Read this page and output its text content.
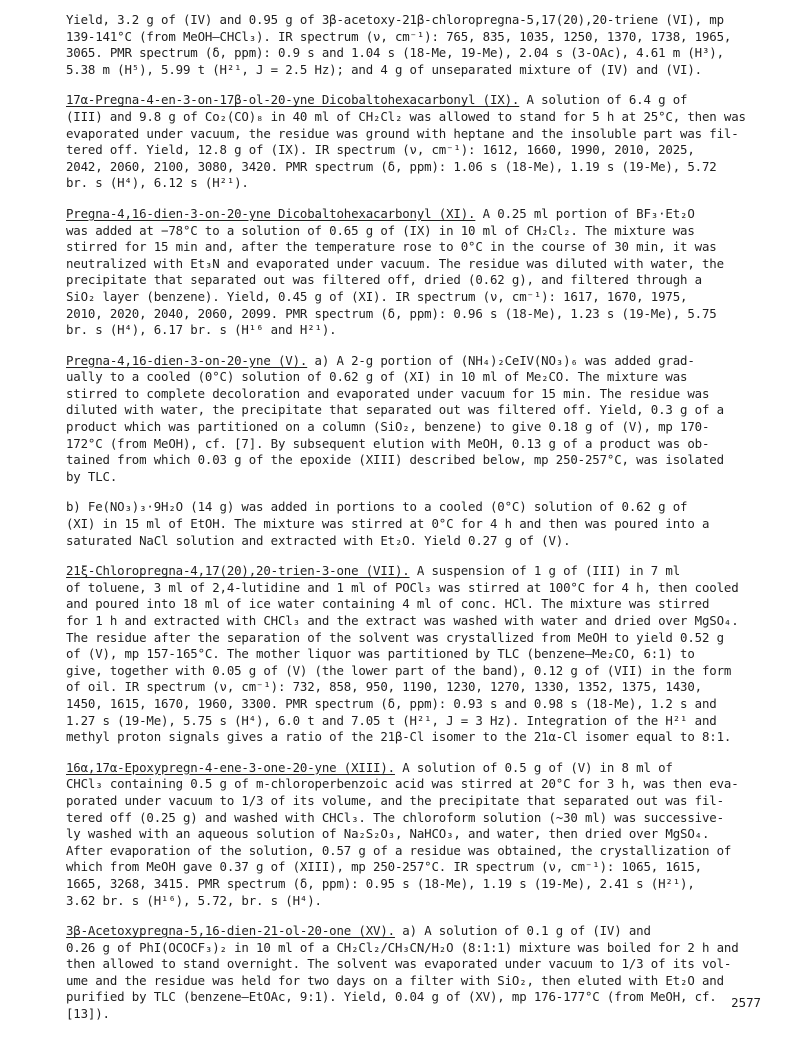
Yield, 3.2 g of (IV) and 0.95 g of 3β-acetoxy-21β-chloropregna-5,17(20),20-triene (VI), mp
139-141°C (from MeOH—CHCl₃). IR spectrum (ν, cm⁻¹): 765, 835, 1035, 1250, 1370, 1738, 1965,
3065. PMR spectrum (δ, ppm): 0.9 s and 1.04 s (18-Me, 19-Me), 2.04 s (3-OAc), 4.61 m (H³),
5.38 m (H⁵), 5.99 t (H²¹, J = 2.5 Hz); and 4 g of unseparated mixture of (IV) and (VI).

17α-Pregna-4-en-3-on-17β-ol-20-yne Dicobaltohexacarbonyl (IX). A solution of 6.4 g of
(III) and 9.8 g of Co₂(CO)₈ in 40 ml of CH₂Cl₂ was allowed to stand for 5 h at 25°C, then was
evaporated under vacuum, the residue was ground with heptane and the insoluble part was fil-
tered off. Yield, 12.8 g of (IX). IR spectrum (ν, cm⁻¹): 1612, 1660, 1990, 2010, 2025,
2042, 2060, 2100, 3080, 3420. PMR spectrum (δ, ppm): 1.06 s (18-Me), 1.19 s (19-Me), 5.72
br. s (H⁴), 6.12 s (H²¹).

Pregna-4,16-dien-3-on-20-yne Dicobaltohexacarbonyl (XI). A 0.25 ml portion of BF₃·Et₂O
was added at −78°C to a solution of 0.65 g of (IX) in 10 ml of CH₂Cl₂. The mixture was
stirred for 15 min and, after the temperature rose to 0°C in the course of 30 min, it was
neutralized with Et₃N and evaporated under vacuum. The residue was diluted with water, the
precipitate that separated out was filtered off, dried (0.62 g), and filtered through a
SiO₂ layer (benzene). Yield, 0.45 g of (XI). IR spectrum (ν, cm⁻¹): 1617, 1670, 1975,
2010, 2020, 2040, 2060, 2099. PMR spectrum (δ, ppm): 0.96 s (18-Me), 1.23 s (19-Me), 5.75
br. s (H⁴), 6.17 br. s (H¹⁶ and H²¹).

Pregna-4,16-dien-3-on-20-yne (V). a) A 2-g portion of (NH₄)₂CeIV(NO₃)₆ was added grad-
ually to a cooled (0°C) solution of 0.62 g of (XI) in 10 ml of Me₂CO. The mixture was
stirred to complete decoloration and evaporated under vacuum for 15 min. The residue was
diluted with water, the precipitate that separated out was filtered off. Yield, 0.3 g of a
product which was partitioned on a column (SiO₂, benzene) to give 0.18 g of (V), mp 170-
172°C (from MeOH), cf. [7]. By subsequent elution with MeOH, 0.13 g of a product was ob-
tained from which 0.03 g of the epoxide (XIII) described below, mp 250-257°C, was isolated
by TLC.

b) Fe(NO₃)₃·9H₂O (14 g) was added in portions to a cooled (0°C) solution of 0.62 g of
(XI) in 15 ml of EtOH. The mixture was stirred at 0°C for 4 h and then was poured into a
saturated NaCl solution and extracted with Et₂O. Yield 0.27 g of (V).

21ξ-Chloropregna-4,17(20),20-trien-3-one (VII). A suspension of 1 g of (III) in 7 ml
of toluene, 3 ml of 2,4-lutidine and 1 ml of POCl₃ was stirred at 100°C for 4 h, then cooled
and poured into 18 ml of ice water containing 4 ml of conc. HCl. The mixture was stirred
for 1 h and extracted with CHCl₃ and the extract was washed with water and dried over MgSO₄.
The residue after the separation of the solvent was crystallized from MeOH to yield 0.52 g
of (V), mp 157-165°C. The mother liquor was partitioned by TLC (benzene—Me₂CO, 6:1) to
give, together with 0.05 g of (V) (the lower part of the band), 0.12 g of (VII) in the form
of oil. IR spectrum (ν, cm⁻¹): 732, 858, 950, 1190, 1230, 1270, 1330, 1352, 1375, 1430,
1450, 1615, 1670, 1960, 3300. PMR spectrum (δ, ppm): 0.93 s and 0.98 s (18-Me), 1.2 s and
1.27 s (19-Me), 5.75 s (H⁴), 6.0 t and 7.05 t (H²¹, J = 3 Hz). Integration of the H²¹ and
methyl proton signals gives a ratio of the 21β-Cl isomer to the 21α-Cl isomer equal to 8:1.

16α,17α-Epoxypregn-4-ene-3-one-20-yne (XIII). A solution of 0.5 g of (V) in 8 ml of
CHCl₃ containing 0.5 g of m-chloroperbenzoic acid was stirred at 20°C for 3 h, was then eva-
porated under vacuum to 1/3 of its volume, and the precipitate that separated out was fil-
tered off (0.25 g) and washed with CHCl₃. The chloroform solution (~30 ml) was successive-
ly washed with an aqueous solution of Na₂S₂O₃, NaHCO₃, and water, then dried over MgSO₄.
After evaporation of the solution, 0.57 g of a residue was obtained, the crystallization of
which from MeOH gave 0.37 g of (XIII), mp 250-257°C. IR spectrum (ν, cm⁻¹): 1065, 1615,
1665, 3268, 3415. PMR spectrum (δ, ppm): 0.95 s (18-Me), 1.19 s (19-Me), 2.41 s (H²¹),
3.62 br. s (H¹⁶), 5.72, br. s (H⁴).

3β-Acetoxypregna-5,16-dien-21-ol-20-one (XV). a) A solution of 0.1 g of (IV) and
0.26 g of PhI(OCOCF₃)₂ in 10 ml of a CH₂Cl₂/CH₃CN/H₂O (8:1:1) mixture was boiled for 2 h and
then allowed to stand overnight. The solvent was evaporated under vacuum to 1/3 of its vol-
ume and the residue was held for two days on a filter with SiO₂, then eluted with Et₂O and
purified by TLC (benzene—EtOAc, 9:1). Yield, 0.04 g of (XV), mp 176-177°C (from MeOH, cf.
[13]).

2577
